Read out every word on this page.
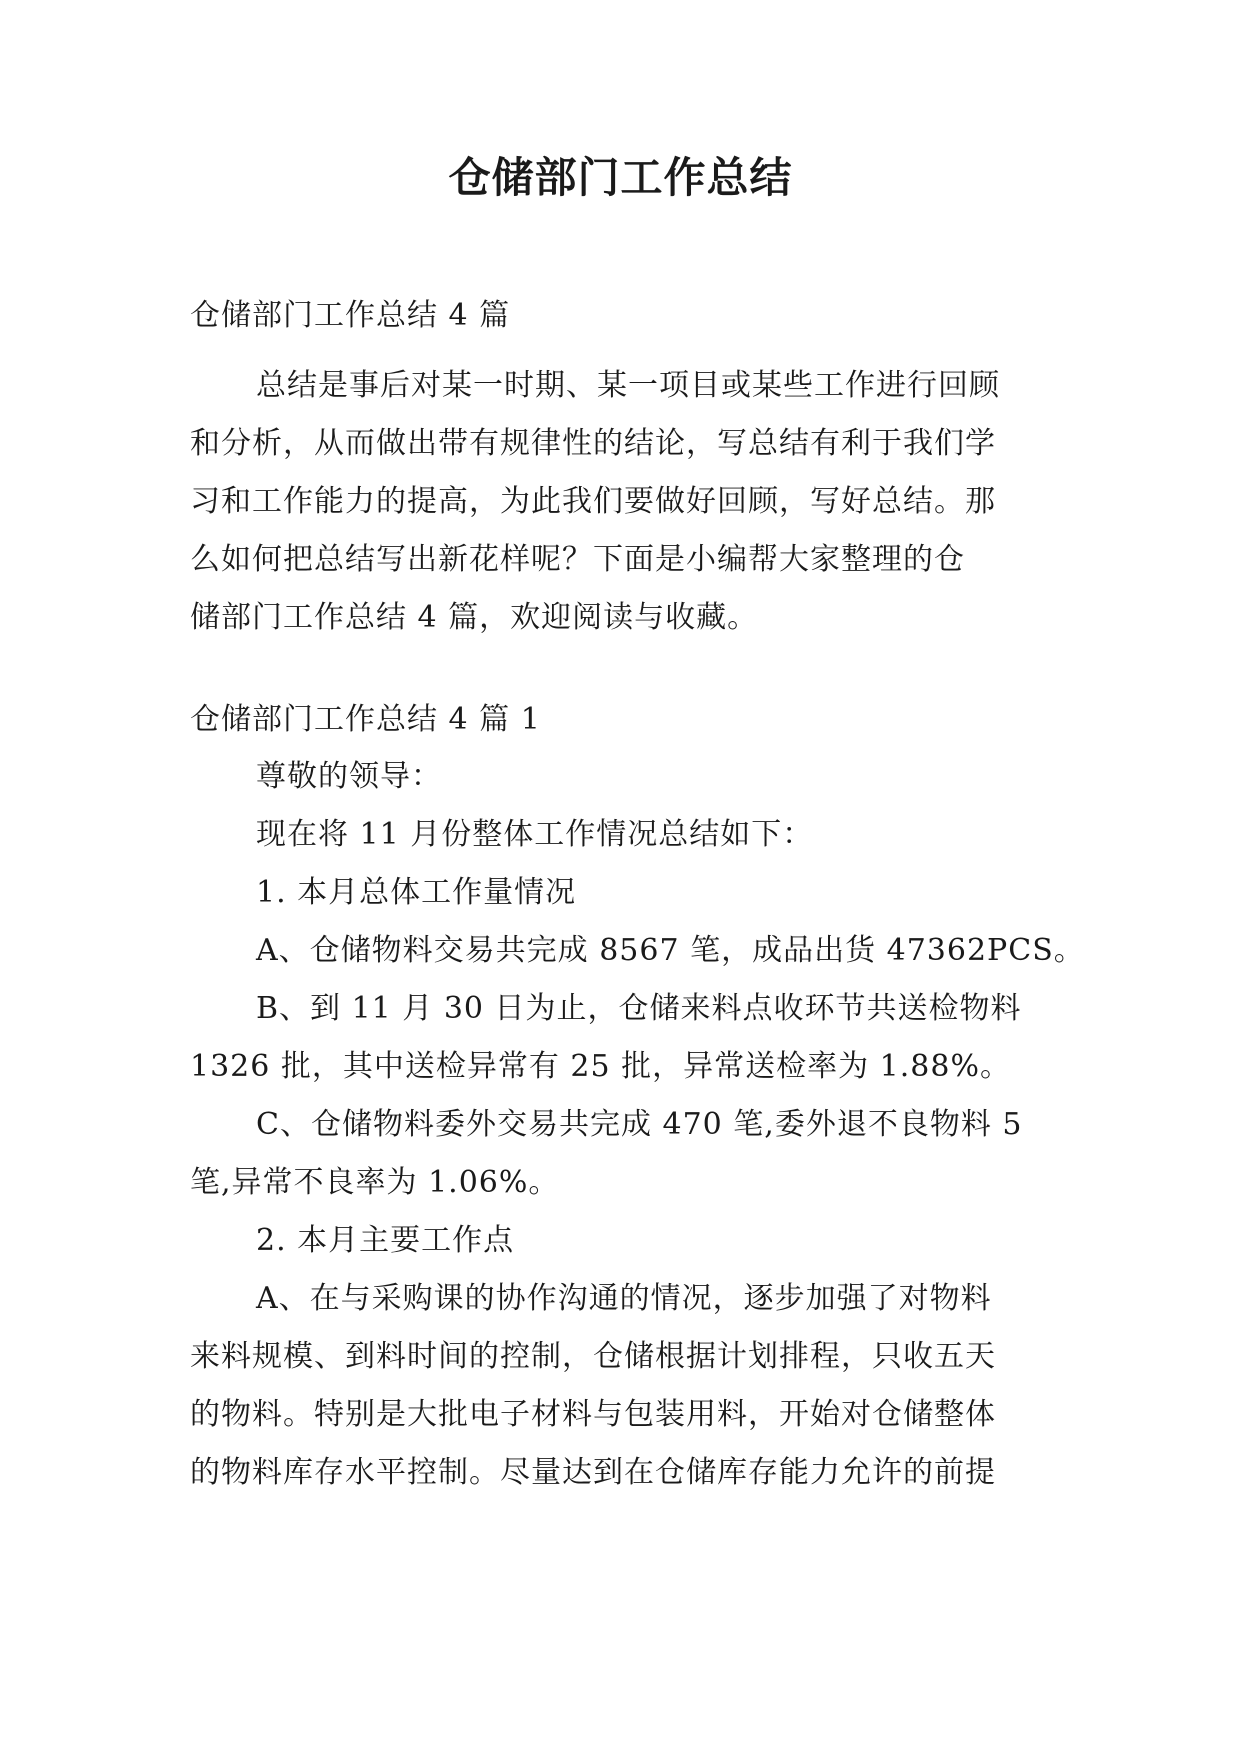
仓储部门工作总结
仓储部门工作总结 4 篇
总结是事后对某一时期、某一项目或某些工作进行回顾
和分析，从而做出带有规律性的结论，写总结有利于我们学
习和工作能力的提高，为此我们要做好回顾，写好总结。那
么如何把总结写出新花样呢？下面是小编帮大家整理的仓
储部门工作总结 4 篇，欢迎阅读与收藏。
仓储部门工作总结 4 篇 1
尊敬的领导：
现在将 11 月份整体工作情况总结如下：
1. 本月总体工作量情况
A、仓储物料交易共完成 8567 笔，成品出货 47362PCS。
B、到 11 月 30 日为止，仓储来料点收环节共送检物料
1326 批，其中送检异常有 25 批，异常送检率为 1.88%。
C、仓储物料委外交易共完成 470 笔,委外退不良物料 5
笔,异常不良率为 1.06%。
2. 本月主要工作点
A、在与采购课的协作沟通的情况，逐步加强了对物料
来料规模、到料时间的控制，仓储根据计划排程，只收五天
的物料。特别是大批电子材料与包装用料，开始对仓储整体
的物料库存水平控制。尽量达到在仓储库存能力允许的前提
